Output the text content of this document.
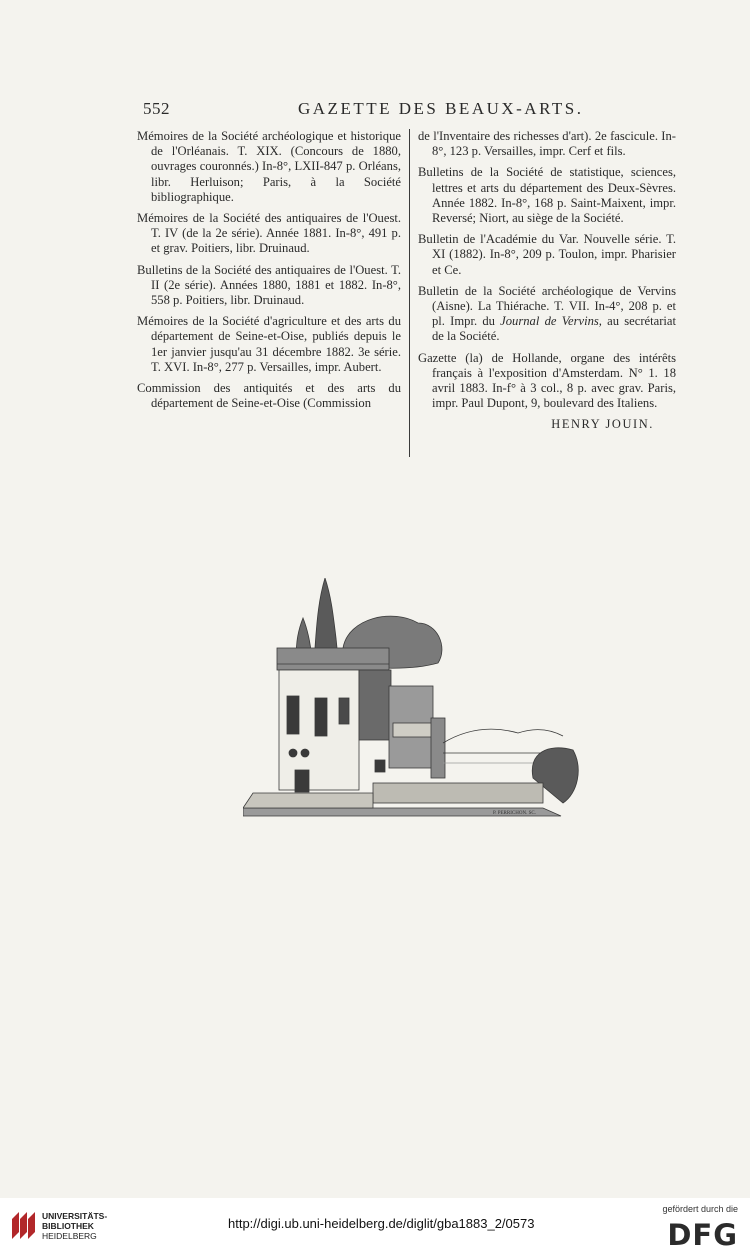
552	GAZETTE DES BEAUX-ARTS.

Mémoires de la Société archéologique et historique de l'Orléanais. T. XIX. (Concours de 1880, ouvrages couronnés.) In-8°, LXII-847 p. Orléans, libr. Herluison; Paris, à la Société bibliographique.

Mémoires de la Société des antiquaires de l'Ouest. T. IV (de la 2e série). Année 1881. In-8°, 491 p. et grav. Poitiers, libr. Druinaud.

Bulletins de la Société des antiquaires de l'Ouest. T. II (2e série). Années 1880, 1881 et 1882. In-8°, 558 p. Poitiers, libr. Druinaud.

Mémoires de la Société d'agriculture et des arts du département de Seine-et-Oise, publiés depuis le 1er janvier jusqu'au 31 décembre 1882. 3e série. T. XVI. In-8°, 277 p. Versailles, impr. Aubert.

Commission des antiquités et des arts du département de Seine-et-Oise (Commission

de l'Inventaire des richesses d'art). 2e fascicule. In-8°, 123 p. Versailles, impr. Cerf et fils.

Bulletins de la Société de statistique, sciences, lettres et arts du département des Deux-Sèvres. Année 1882. In-8°, 168 p. Saint-Maixent, impr. Reversé; Niort, au siège de la Société.

Bulletin de l'Académie du Var. Nouvelle série. T. XI (1882). In-8°, 209 p. Toulon, impr. Pharisier et Ce.

Bulletin de la Société archéologique de Vervins (Aisne). La Thiérache. T. VII. In-4°, 208 p. et pl. Impr. du Journal de Vervins, au secrétariat de la Société.

Gazette (la) de Hollande, organe des intérêts français à l'exposition d'Amsterdam. N° 1. 18 avril 1883. In-f° à 3 col., 8 p. avec grav. Paris, impr. Paul Dupont, 9, boulevard des Italiens.

HENRY JOUIN.
P. PERRICHON. SC.
UNIVERSITÄTS-
BIBLIOTHEK
HEIDELBERG
http://digi.ub.uni-heidelberg.de/diglit/gba1883_2/0573
gefördert durch die
DFG
